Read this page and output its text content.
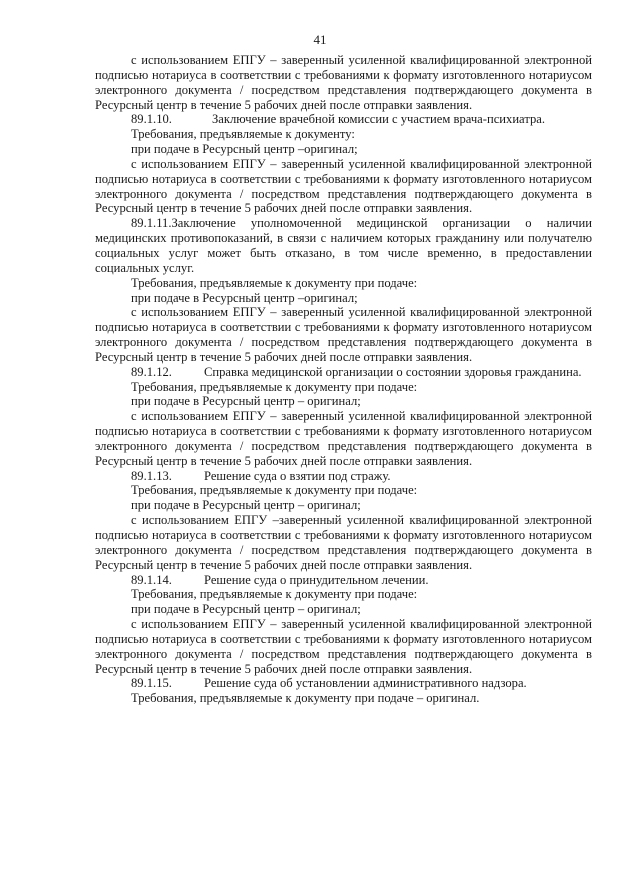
41

с использованием ЕПГУ – заверенный усиленной квалифицированной электронной подписью нотариуса в соответствии с требованиями к формату изготовленного нотариусом электронного документа / посредством представления подтверждающего документа в Ресурсный центр в течение 5 рабочих дней после отправки заявления.

89.1.10.	Заключение врачебной комиссии с участием врача-психиатра.

Требования, предъявляемые к документу:

при подаче в Ресурсный центр –оригинал;

с использованием ЕПГУ – заверенный усиленной квалифицированной электронной подписью нотариуса в соответствии с требованиями к формату изготовленного нотариусом электронного документа / посредством представления подтверждающего документа в Ресурсный центр в течение 5 рабочих дней после отправки заявления.

89.1.11.Заключение уполномоченной медицинской организации о наличии медицинских противопоказаний, в связи с наличием которых гражданину или получателю социальных услуг может быть отказано, в том числе временно, в предоставлении социальных услуг.

Требования, предъявляемые к документу при подаче:

при подаче в Ресурсный центр –оригинал;

с использованием ЕПГУ – заверенный усиленной квалифицированной электронной подписью нотариуса в соответствии с требованиями к формату изготовленного нотариусом электронного документа / посредством представления подтверждающего документа в Ресурсный центр в течение 5 рабочих дней после отправки заявления.

89.1.12.	Справка медицинской организации о состоянии здоровья гражданина.

Требования, предъявляемые к документу при подаче:

при подаче в Ресурсный центр – оригинал;

с использованием ЕПГУ – заверенный усиленной квалифицированной электронной подписью нотариуса в соответствии с требованиями к формату изготовленного нотариусом электронного документа / посредством представления подтверждающего документа в Ресурсный центр в течение 5 рабочих дней после отправки заявления.

89.1.13.	Решение суда о взятии под стражу.

Требования, предъявляемые к документу при подаче:

при подаче в Ресурсный центр – оригинал;

с использованием ЕПГУ –заверенный усиленной квалифицированной электронной подписью нотариуса в соответствии с требованиями к формату изготовленного нотариусом электронного документа / посредством представления подтверждающего документа в Ресурсный центр в течение 5 рабочих дней после отправки заявления.

89.1.14.	Решение суда о принудительном лечении.

Требования, предъявляемые к документу при подаче:

при подаче в Ресурсный центр – оригинал;

с использованием ЕПГУ – заверенный усиленной квалифицированной электронной подписью нотариуса в соответствии с требованиями к формату изготовленного нотариусом электронного документа / посредством представления подтверждающего документа в Ресурсный центр в течение 5 рабочих дней после отправки заявления.

89.1.15.	Решение суда об установлении административного надзора.

Требования, предъявляемые к документу при подаче – оригинал.
